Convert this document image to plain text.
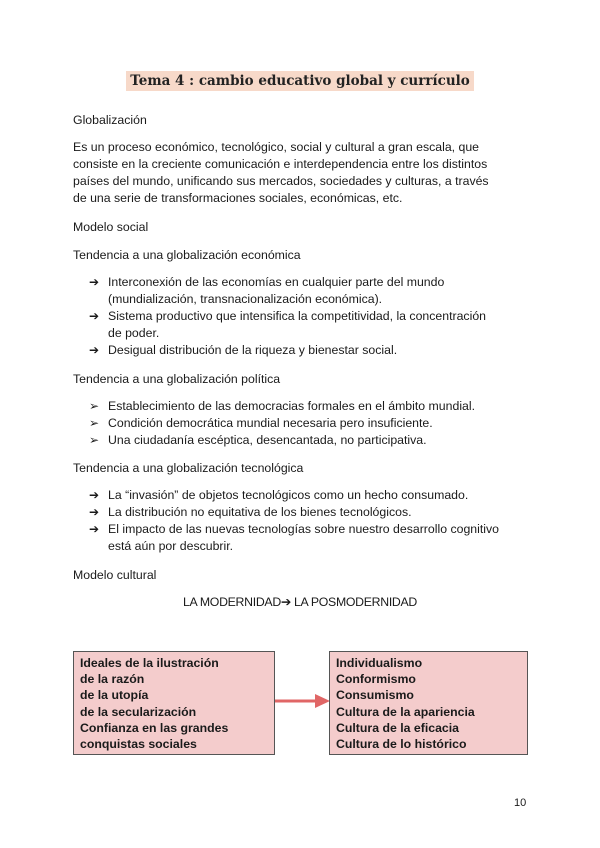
Tema 4 : cambio educativo global y currículo

Globalización

Es un proceso económico, tecnológico, social y cultural a gran escala, que
consiste en la creciente comunicación e interdependencia entre los distintos
países del mundo, unificando sus mercados, sociedades y culturas, a través
de una serie de transformaciones sociales, económicas, etc.

Modelo social

Tendencia a una globalización económica

➔ Interconexión de las economías en cualquier parte del mundo
(mundialización, transnacionalización económica).
➔ Sistema productivo que intensifica la competitividad, la concentración
de poder.
➔ Desigual distribución de la riqueza y bienestar social.

Tendencia a una globalización política

➢ Establecimiento de las democracias formales en el ámbito mundial.
➢ Condición democrática mundial necesaria pero insuficiente.
➢ Una ciudadanía escéptica, desencantada, no participativa.

Tendencia a una globalización tecnológica

➔ La “invasión” de objetos tecnológicos como un hecho consumado.
➔ La distribución no equitativa de los bienes tecnológicos.
➔ El impacto de las nuevas tecnologías sobre nuestro desarrollo cognitivo
está aún por descubrir.

Modelo cultural

LA MODERNIDAD➔ LA POSMODERNIDAD
Ideales de la ilustración
de la razón
de la utopía
de la secularización
Confianza en las grandes
conquistas sociales
Individualismo
Conformismo
Consumismo
Cultura de la apariencia
Cultura de la eficacia
Cultura de lo histórico
10
